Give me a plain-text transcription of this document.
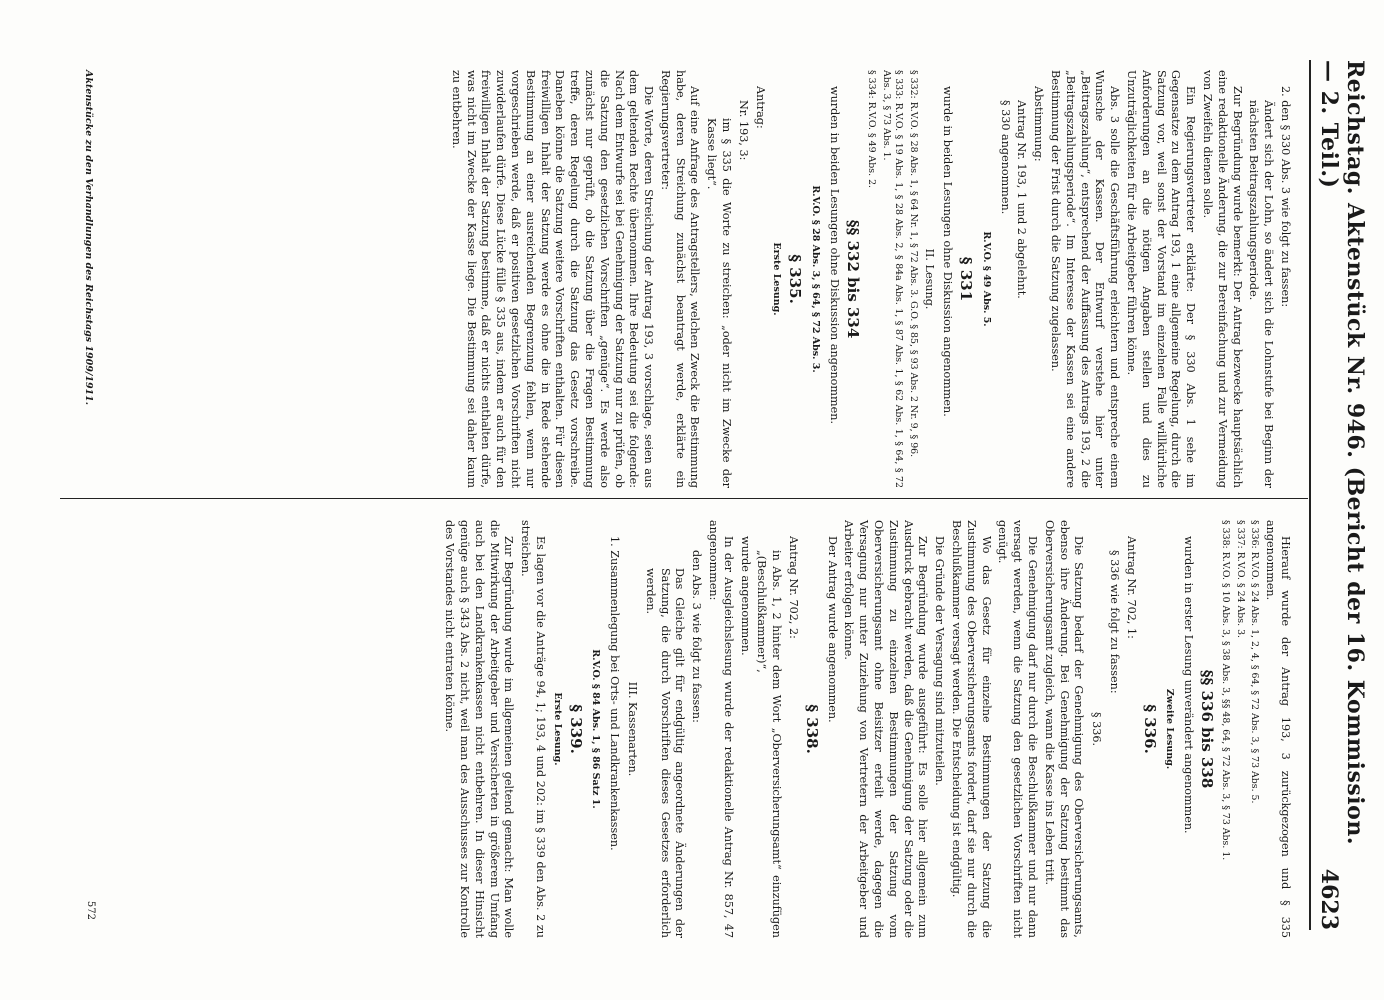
Reichstag. Aktenstück Nr. 946. (Bericht der 16. Kommission. — 2. Teil.)
4623

2. den § 330 Abs. 3 wie folgt zu fassen:

Ändert sich der Lohn, so ändert sich die Lohnstufe bei Beginn der nächsten Beitragszahlungsperiode.

Zur Begründung wurde bemerkt: Der Antrag bezwecke hauptsächlich eine redaktionelle Änderung, die zur Bereinfachung und zur Vermeidung von Zweifeln dienen solle.

Ein Regierungsvertreter erklärte: Der § 330 Abs. 1 sehe im Gegensatze zu dem Antrag 193, 1 eine allgemeine Regelung, durch die Satzung vor, weil sonst der Vorstand im einzelnen Falle willkürliche Anforderungen an die nötigen Angaben stellen und dies zu Unzuträglichkeiten für die Arbeitgeber führen könne.

Abs. 3 solle die Geschäftsführung erleichtern und entspreche einem Wunsche der Kassen. Der Entwurf verstehe hier unter „Beitragszahlung“, entsprechend der Auffassung des Antrags 193, 2 die „Beitragszahlungsperiode“. Im Interesse der Kassen sei eine andere Bestimmung der Frist durch die Satzung zugelassen.

Abstimmung:

Antrag Nr. 193, 1 und 2 abgelehnt.

§ 330 angenommen.

R.V.O. § 49 Abs. 5.

§ 331

wurde in beiden Lesungen ohne Diskussion angenommen.

II. Lesung.

§ 332: R.V.O. § 28 Abs. 1, § 64 Nr. 1, § 72 Abs. 3. G.O. § 85, § 93 Abs. 2 Nr. 9, § 96.

§ 333: R.V.O. § 19 Abs. 1, § 28 Abs. 2, § 84a Abs. 1, § 87 Abs. 1, § 62 Abs. 1, § 64, § 72 Abs. 3, § 73 Abs. 1.

§ 334: R.V.O. § 49 Abs. 2.

§§ 332 bis 334

wurden in beiden Lesungen ohne Diskussion angenommen.

R.V.O. § 28 Abs. 3, § 64, § 72 Abs. 3.

§ 335.

Erste Lesung.

Antrag:

Nr. 193, 3:

im § 335 die Worte zu streichen: „oder nicht im Zwecke der Kasse liegt“.

Auf eine Anfrage des Antragstellers, welchen Zweck die Bestimmung habe, deren Streichung zunächst beantragt werde, erklärte ein Regierungsvertreter:

Die Worte, deren Streichung der Antrag 193, 3 vorschlage, seien aus dem geltenden Rechte übernommen. Ihre Bedeutung sei die folgende: Nach dem Entwurfe sei bei Genehmigung der Satzung nur zu prüfen, ob die Satzung den gesetzlichen Vorschriften „genüge“. Es werde also zunächst nur geprüft, ob die Satzung über die Fragen Bestimmung treffe, deren Regelung durch die Satzung das Gesetz vorschreibe. Daneben könne die Satzung weitere Vorschriften enthalten. Für diesen freiwilligen Inhalt der Satzung werde es ohne die in Rede stehende Bestimmung an einer ausreichenden Begrenzung fehlen, wenn nur vorgeschrieben werde, daß er positiven gesetzlichen Vorschriften nicht zuwiderlaufen dürfe. Diese Lücke fülle § 335 aus, indem er auch für den freiwilligen Inhalt der Satzung bestimme, daß er nichts enthalten dürfe, was nicht im Zwecke der Kasse liege. Die Bestimmung sei daher kaum zu entbehren.

Hierauf wurde der Antrag 193, 3 zurückgezogen und § 335 angenommen.

§ 336: R.V.O. § 24 Abs. 1, 2, 4, § 64, § 72 Abs. 3, § 73 Abs. 5.

§ 337: R.V.O. § 24 Abs. 3.

§ 338: R.V.O. § 10 Abs. 3, § 38 Abs. 3, §§ 48, 64, § 72 Abs. 3, § 73 Abs. 1.

§§ 336 bis 338

wurden in erster Lesung unverändert angenommen.

Zweite Lesung.

§ 336.

Antrag Nr. 702, 1:

§ 336 wie folgt zu fassen:

§ 336.

Die Satzung bedarf der Genehmigung des Oberversicherungsamts, ebenso ihre Änderung. Bei Genehmigung der Satzung bestimmt das Oberversicherungsamt zugleich, wann die Kasse ins Leben tritt.

Die Genehmigung darf nur durch die Beschlußkammer und nur dann versagt werden, wenn die Satzung den gesetzlichen Vorschriften nicht genügt.

Wo das Gesetz für einzelne Bestimmungen der Satzung die Zustimmung des Oberversicherungsamts fordert, darf sie nur durch die Beschlußkammer versagt werden. Die Entscheidung ist endgültig.

Die Gründe der Versagung sind mitzuteilen.

Zur Begründung wurde ausgeführt: Es solle hier allgemein zum Ausdruck gebracht werden, daß die Genehmigung der Satzung oder die Zustimmung zu einzelnen Bestimmungen der Satzung vom Oberversicherungsamt ohne Beisitzer erteilt werde, dagegen die Versagung nur unter Zuziehung von Vertretern der Arbeitgeber und Arbeiter erfolgen könne.

Der Antrag wurde angenommen.

§ 338.

Antrag Nr. 702, 2:

in Abs. 1, 2 hinter dem Wort „Oberversicherungsamt“ einzufügen „(Beschlußkammer)“,

wurde angenommen.

In der Ausgleichslesung wurde der redaktionelle Antrag Nr. 857, 47 angenommen:

den Abs. 3 wie folgt zu fassen:

Das Gleiche gilt für endgültig angeordnete Änderungen der Satzung, die durch Vorschriften dieses Gesetzes erforderlich werden.

III. Kassenarten.

1. Zusammenlegung bei Orts- und Landkrankenkassen.

R.V.O. § 84 Abs. 1, § 86 Satz 1.

§ 339.

Erste Lesung.

Es lagen vor die Anträge 94, 1; 193, 4 und 202: im § 339 den Abs. 2 zu streichen.

Zur Begründung wurde im allgemeinen geltend gemacht: Man wolle die Mitwirkung der Arbeitgeber und Versicherten in größerem Umfang auch bei den Landkrankenkassen nicht entbehren. In dieser Hinsicht genüge auch § 343 Abs. 2 nicht, weil man des Ausschusses zur Kontrolle des Vorstandes nicht entraten könne.

Aktenstücke zu den Verhandlungen des Reichstags 1909/1911.
572
